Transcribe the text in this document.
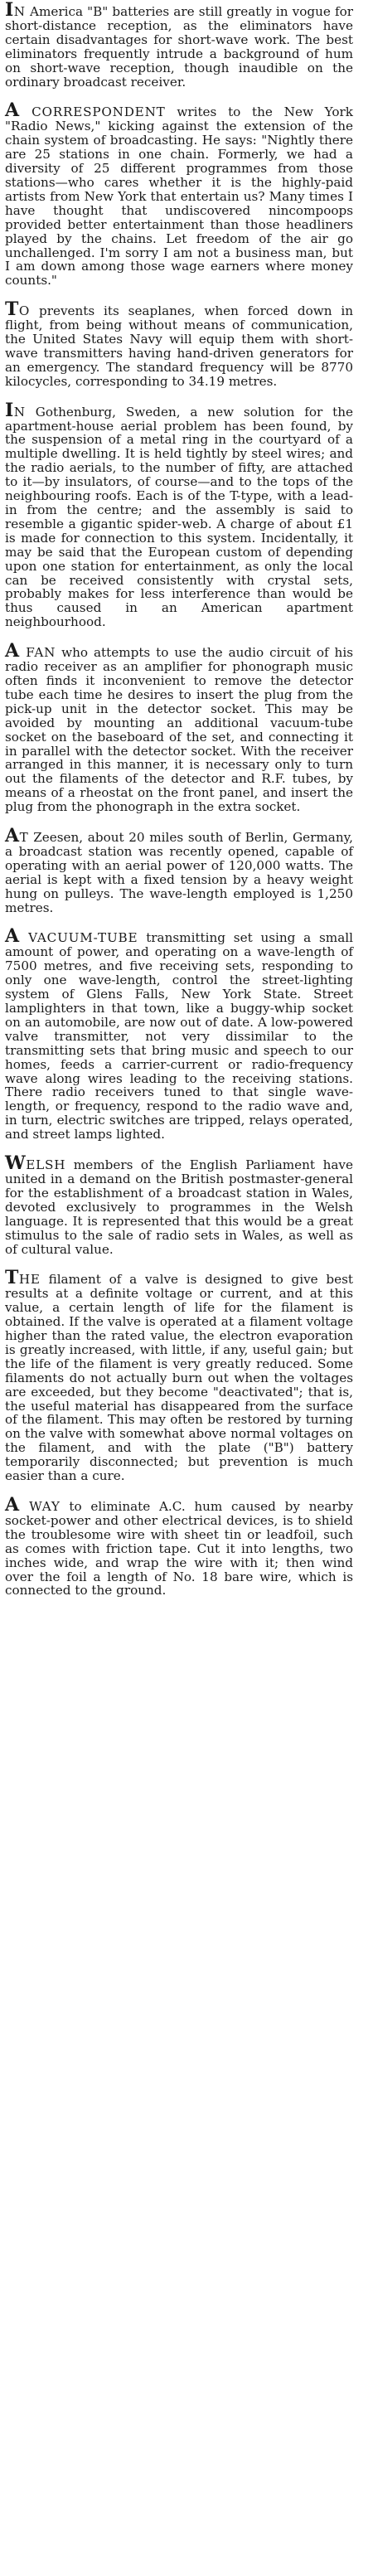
IN America "B" batteries are still greatly in vogue for short-distance reception, as the eliminators have certain disadvantages for short-wave work. The best eliminators frequently intrude a background of hum on short-wave reception, though inaudible on the ordinary broadcast receiver.

A CORRESPONDENT writes to the New York "Radio News," kicking against the extension of the chain system of broadcasting. He says: "Nightly there are 25 stations in one chain. Formerly, we had a diversity of 25 different programmes from those stations—who cares whether it is the highly-paid artists from New York that entertain us? Many times I have thought that undiscovered nincompoops provided better entertainment than those headliners played by the chains. Let freedom of the air go unchallenged. I'm sorry I am not a business man, but I am down among those wage earners where money counts."

TO prevents its seaplanes, when forced down in flight, from being without means of communication, the United States Navy will equip them with short-wave transmitters having hand-driven generators for an emergency. The standard frequency will be 8770 kilocycles, corresponding to 34.19 metres.

IN Gothenburg, Sweden, a new solution for the apartment-house aerial problem has been found, by the suspension of a metal ring in the courtyard of a multiple dwelling. It is held tightly by steel wires; and the radio aerials, to the number of fifty, are attached to it—by insulators, of course—and to the tops of the neighbouring roofs. Each is of the T-type, with a lead-in from the centre; and the assembly is said to resemble a gigantic spider-web. A charge of about £1 is made for connection to this system. Incidentally, it may be said that the European custom of depending upon one station for entertainment, as only the local can be received consistently with crystal sets, probably makes for less interference than would be thus caused in an American apartment neighbourhood.

A FAN who attempts to use the audio circuit of his radio receiver as an amplifier for phonograph music often finds it inconvenient to remove the detector tube each time he desires to insert the plug from the pick-up unit in the detector socket. This may be avoided by mounting an additional vacuum-tube socket on the baseboard of the set, and connecting it in parallel with the detector socket. With the receiver arranged in this manner, it is necessary only to turn out the filaments of the detector and R.F. tubes, by means of a rheostat on the front panel, and insert the plug from the phonograph in the extra socket.

AT Zeesen, about 20 miles south of Berlin, Germany, a broadcast station was recently opened, capable of operating with an aerial power of 120,000 watts. The aerial is kept with a fixed tension by a heavy weight hung on pulleys. The wave-length employed is 1,250 metres.

A VACUUM-TUBE transmitting set using a small amount of power, and operating on a wave-length of 7500 metres, and five receiving sets, responding to only one wave-length, control the street-lighting system of Glens Falls, New York State. Street lamplighters in that town, like a buggy-whip socket on an automobile, are now out of date. A low-powered valve transmitter, not very dissimilar to the transmitting sets that bring music and speech to our homes, feeds a carrier-current or radio-frequency wave along wires leading to the receiving stations. There radio receivers tuned to that single wave-length, or frequency, respond to the radio wave and, in turn, electric switches are tripped, relays operated, and street lamps lighted.

WELSH members of the English Parliament have united in a demand on the British postmaster-general for the establishment of a broadcast station in Wales, devoted exclusively to programmes in the Welsh language. It is represented that this would be a great stimulus to the sale of radio sets in Wales, as well as of cultural value.

THE filament of a valve is designed to give best results at a definite voltage or current, and at this value, a certain length of life for the filament is obtained. If the valve is operated at a filament voltage higher than the rated value, the electron evaporation is greatly increased, with little, if any, useful gain; but the life of the filament is very greatly reduced. Some filaments do not actually burn out when the voltages are exceeded, but they become "deactivated"; that is, the useful material has disappeared from the surface of the filament. This may often be restored by turning on the valve with somewhat above normal voltages on the filament, and with the plate ("B") battery temporarily disconnected; but prevention is much easier than a cure.

A WAY to eliminate A.C. hum caused by nearby socket-power and other electrical devices, is to shield the troublesome wire with sheet tin or leadfoil, such as comes with friction tape. Cut it into lengths, two inches wide, and wrap the wire with it; then wind over the foil a length of No. 18 bare wire, which is connected to the ground.
